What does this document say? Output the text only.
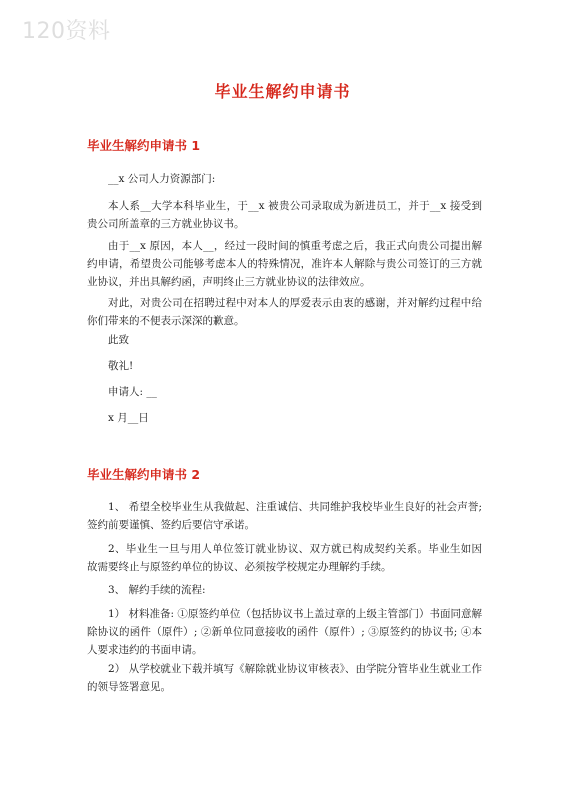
120资料
毕业生解约申请书
毕业生解约申请书 1
__x 公司人力资源部门:
本人系__大学本科毕业生，于__x 被贵公司录取成为新进员工，并于__x 接受到贵公司所盖章的三方就业协议书。
由于__x 原因，本人__，经过一段时间的慎重考虑之后，我正式向贵公司提出解约申请，希望贵公司能够考虑本人的特殊情况，准许本人解除与贵公司签订的三方就业协议，并出具解约函，声明终止三方就业协议的法律效应。
对此，对贵公司在招聘过程中对本人的厚爱表示由衷的感谢，并对解约过程中给你们带来的不便表示深深的歉意。
此致
敬礼!
申请人: __
x 月__日
毕业生解约申请书 2
1、 希望全校毕业生从我做起、注重诚信、共同维护我校毕业生良好的社会声誉; 签约前要谨慎、签约后要信守承诺。
2、毕业生一旦与用人单位签订就业协议、双方就已构成契约关系。毕业生如因故需要终止与原签约单位的协议、必须按学校规定办理解约手续。
3、 解约手续的流程:
1） 材料准备: ①原签约单位（包括协议书上盖过章的上级主管部门）书面同意解除协议的函件（原件）; ②新单位同意接收的函件（原件）; ③原签约的协议书; ④本人要求违约的书面申请。
2） 从学校就业下载并填写《解除就业协议审核表》、由学院分管毕业生就业工作的领导签署意见。
